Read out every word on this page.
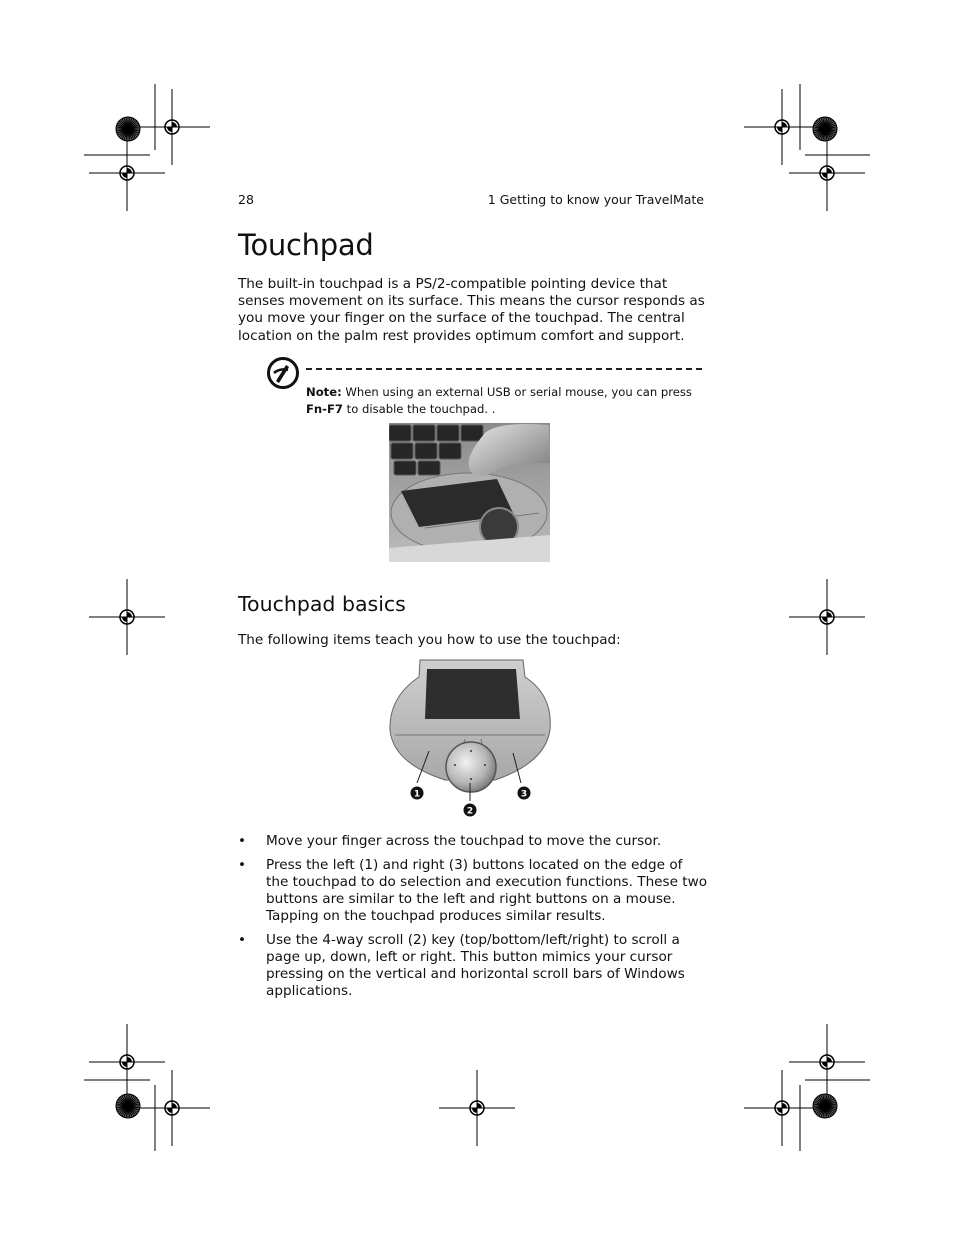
28	1 Getting to know your TravelMate
Touchpad

The built-in touchpad is a PS/2-compatible pointing device that senses movement on its surface. This means the cursor responds as you move your finger on the surface of the touchpad. The central location on the palm rest provides optimum comfort and support.

Note: When using an external USB or serial mouse, you can press Fn-F7 to disable the touchpad. .
Touchpad basics
The following items teach you how to use the touchpad:
1
2
3
• Move your finger across the touchpad to move the cursor.
• Press the left (1) and right (3) buttons located on the edge of the touchpad to do selection and execution functions. These two buttons are similar to the left and right buttons on a mouse. Tapping on the touchpad produces similar results.
• Use the 4-way scroll (2) key (top/bottom/left/right) to scroll a page up, down, left or right. This button mimics your cursor pressing on the vertical and horizontal scroll bars of Windows applications.
